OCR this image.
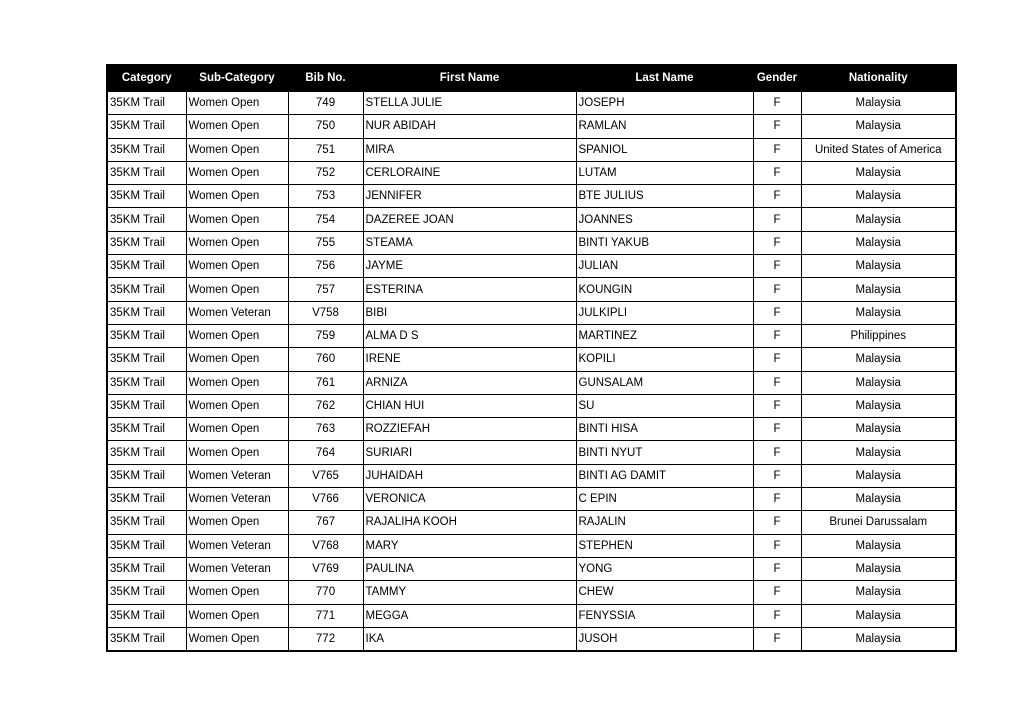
Category	Sub-Category	Bib No.	First Name	Last Name	Gender	Nationality
35KM Trail	Women Open	749	STELLA JULIE	JOSEPH	F	Malaysia
35KM Trail	Women Open	750	NUR ABIDAH	RAMLAN	F	Malaysia
35KM Trail	Women Open	751	MIRA	SPANIOL	F	United States of America
35KM Trail	Women Open	752	CERLORAINE	LUTAM	F	Malaysia
35KM Trail	Women Open	753	JENNIFER	BTE JULIUS	F	Malaysia
35KM Trail	Women Open	754	DAZEREE JOAN	JOANNES	F	Malaysia
35KM Trail	Women Open	755	STEAMA	BINTI YAKUB	F	Malaysia
35KM Trail	Women Open	756	JAYME	JULIAN	F	Malaysia
35KM Trail	Women Open	757	ESTERINA	KOUNGIN	F	Malaysia
35KM Trail	Women Veteran	V758	BIBI	JULKIPLI	F	Malaysia
35KM Trail	Women Open	759	ALMA D S	MARTINEZ	F	Philippines
35KM Trail	Women Open	760	IRENE	KOPILI	F	Malaysia
35KM Trail	Women Open	761	ARNIZA	GUNSALAM	F	Malaysia
35KM Trail	Women Open	762	CHIAN HUI	SU	F	Malaysia
35KM Trail	Women Open	763	ROZZIEFAH	BINTI HISA	F	Malaysia
35KM Trail	Women Open	764	SURIARI	BINTI NYUT	F	Malaysia
35KM Trail	Women Veteran	V765	JUHAIDAH	BINTI AG DAMIT	F	Malaysia
35KM Trail	Women Veteran	V766	VERONICA	C EPIN	F	Malaysia
35KM Trail	Women Open	767	RAJALIHA KOOH	RAJALIN	F	Brunei Darussalam
35KM Trail	Women Veteran	V768	MARY	STEPHEN	F	Malaysia
35KM Trail	Women Veteran	V769	PAULINA	YONG	F	Malaysia
35KM Trail	Women Open	770	TAMMY	CHEW	F	Malaysia
35KM Trail	Women Open	771	MEGGA	FENYSSIA	F	Malaysia
35KM Trail	Women Open	772	IKA	JUSOH	F	Malaysia
